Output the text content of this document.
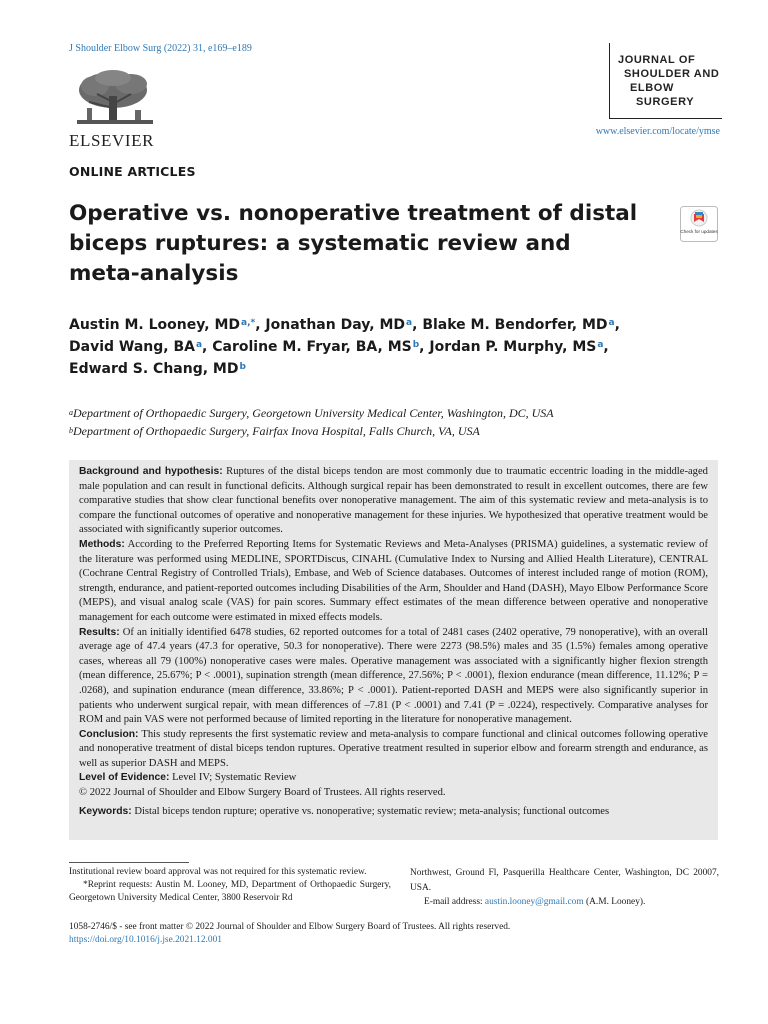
J Shoulder Elbow Surg (2022) 31, e169–e189
ELSEVIER
JOURNAL OF
SHOULDER AND
ELBOW
SURGERY
www.elsevier.com/locate/ymse
ONLINE ARTICLES
Operative vs. nonoperative treatment of distal biceps ruptures: a systematic review and meta-analysis
Check for updates
Austin M. Looney, $MD^{a,*}$, Jonathan Day, $MD^a$, Blake M. Bendorfer, $MD^a$,
David Wang, $BA^a$, Caroline M. Fryar, BA, $MS^b$, Jordan P. Murphy, $MS^a$,
Edward S. Chang, $MD^b$
$^a$Department of Orthopaedic Surgery, Georgetown University Medical Center, Washington, DC, USA
$^b$Department of Orthopaedic Surgery, Fairfax Inova Hospital, Falls Church, VA, USA

Background and hypothesis: Ruptures of the distal biceps tendon are most commonly due to traumatic eccentric loading in the middle-aged male population and can result in functional deficits. Although surgical repair has been demonstrated to result in excellent outcomes, there are few comparative studies that show clear functional benefits over nonoperative management. The aim of this systematic review and meta-analysis is to compare the functional outcomes of operative and nonoperative management for these injuries. We hypothesized that operative treatment would be associated with significantly superior outcomes.

Methods: According to the Preferred Reporting Items for Systematic Reviews and Meta-Analyses (PRISMA) guidelines, a systematic review of the literature was performed using MEDLINE, SPORTDiscus, CINAHL (Cumulative Index to Nursing and Allied Health Literature), CENTRAL (Cochrane Central Registry of Controlled Trials), Embase, and Web of Science databases. Outcomes of interest included range of motion (ROM), strength, endurance, and patient-reported outcomes including Disabilities of the Arm, Shoulder and Hand (DASH), Mayo Elbow Performance Score (MEPS), and visual analog scale (VAS) for pain scores. Summary effect estimates of the mean difference between operative and nonoperative management for each outcome were estimated in mixed effects models.

Results: Of an initially identified 6478 studies, 62 reported outcomes for a total of 2481 cases (2402 operative, 79 nonoperative), with an overall average age of 47.4 years (47.3 for operative, 50.3 for nonoperative). There were 2273 (98.5%) males and 35 (1.5%) females among operative cases, whereas all 79 (100%) nonoperative cases were males. Operative management was associated with a significantly higher flexion strength (mean difference, 25.67%; P < .0001), supination strength (mean difference, 27.56%; P < .0001), flexion endurance (mean difference, 11.12%; P = .0268), and supination endurance (mean difference, 33.86%; P < .0001). Patient-reported DASH and MEPS were also significantly superior in patients who underwent surgical repair, with mean differences of –7.81 (P < .0001) and 7.41 (P = .0224), respectively. Comparative analyses for ROM and pain VAS were not performed because of limited reporting in the literature for nonoperative management.

Conclusion: This study represents the first systematic review and meta-analysis to compare functional and clinical outcomes following operative and nonoperative treatment of distal biceps tendon ruptures. Operative treatment resulted in superior elbow and forearm strength and endurance, as well as superior DASH and MEPS.

Level of Evidence: Level IV; Systematic Review

© 2022 Journal of Shoulder and Elbow Surgery Board of Trustees. All rights reserved.

Keywords: Distal biceps tendon rupture; operative vs. nonoperative; systematic review; meta-analysis; functional outcomes

Institutional review board approval was not required for this systematic review.

*Reprint requests: Austin M. Looney, MD, Department of Orthopaedic Surgery, Georgetown University Medical Center, 3800 Reservoir Rd

Northwest, Ground Fl, Pasquerilla Healthcare Center, Washington, DC 20007, USA.

E-mail address: austin.looney@gmail.com (A.M. Looney).

1058-2746/$ - see front matter © 2022 Journal of Shoulder and Elbow Surgery Board of Trustees. All rights reserved.
https://doi.org/10.1016/j.jse.2021.12.001
